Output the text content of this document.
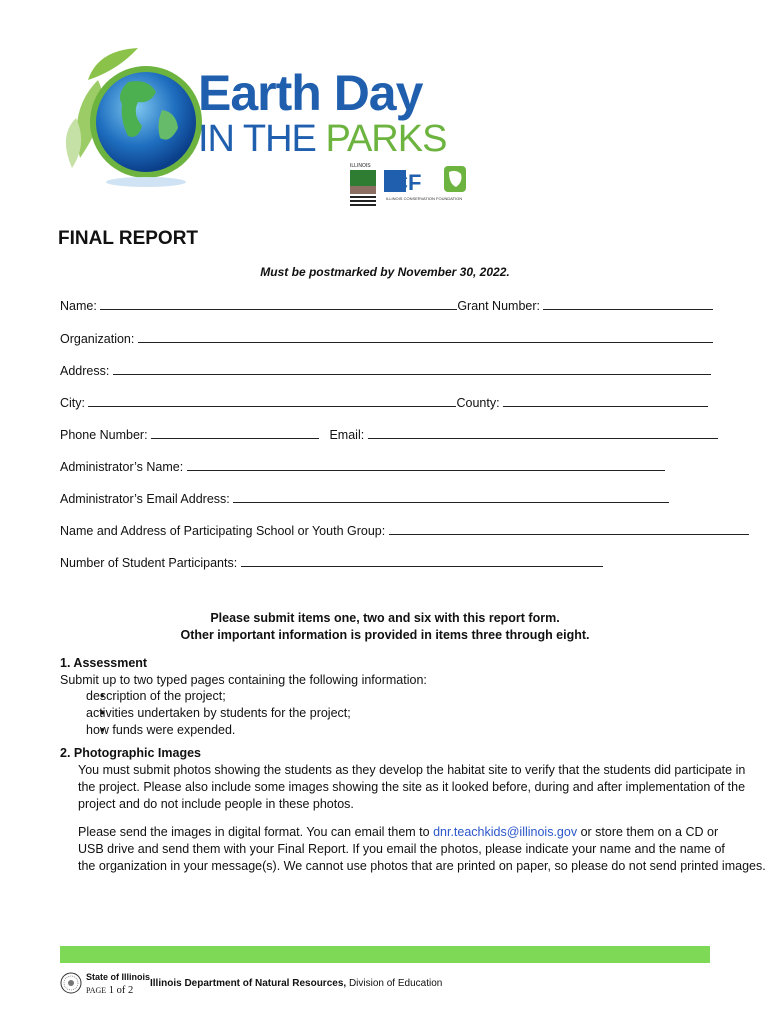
Earth Day
IN THE PARKS
ILLINOIS
ICF
ILLINOIS CONSERVATION FOUNDATION
FINAL REPORT
Must be postmarked by November 30, 2022.
Name:	Grant Number:
Organization:
Address:
City:	County:
Phone Number:	Email:
Administrator’s Name:
Administrator’s Email Address:
Name and Address of Participating School or Youth Group:
Number of Student Participants:
Please submit items one, two and six with this report form.
Other important information is provided in items three through eight.
1. Assessment
Submit up to two typed pages containing the following information:
• description of the project;
• activities undertaken by students for the project;
• how funds were expended.
2. Photographic Images
You must submit photos showing the students as they develop the habitat site to verify that the students did participate in
the project. Please also include some images showing the site as it looked before, during and after implementation of the
project and do not include people in these photos.
Please send the images in digital format. You can email them to dnr.teachkids@illinois.gov or store them on a CD or
USB drive and send them with your Final Report. If you email the photos, please indicate your name and the name of
the organization in your message(s). We cannot use photos that are printed on paper, so please do not send printed images.
State of Illinois
PAGE 1 of 2
Illinois Department of Natural Resources, Division of Education
